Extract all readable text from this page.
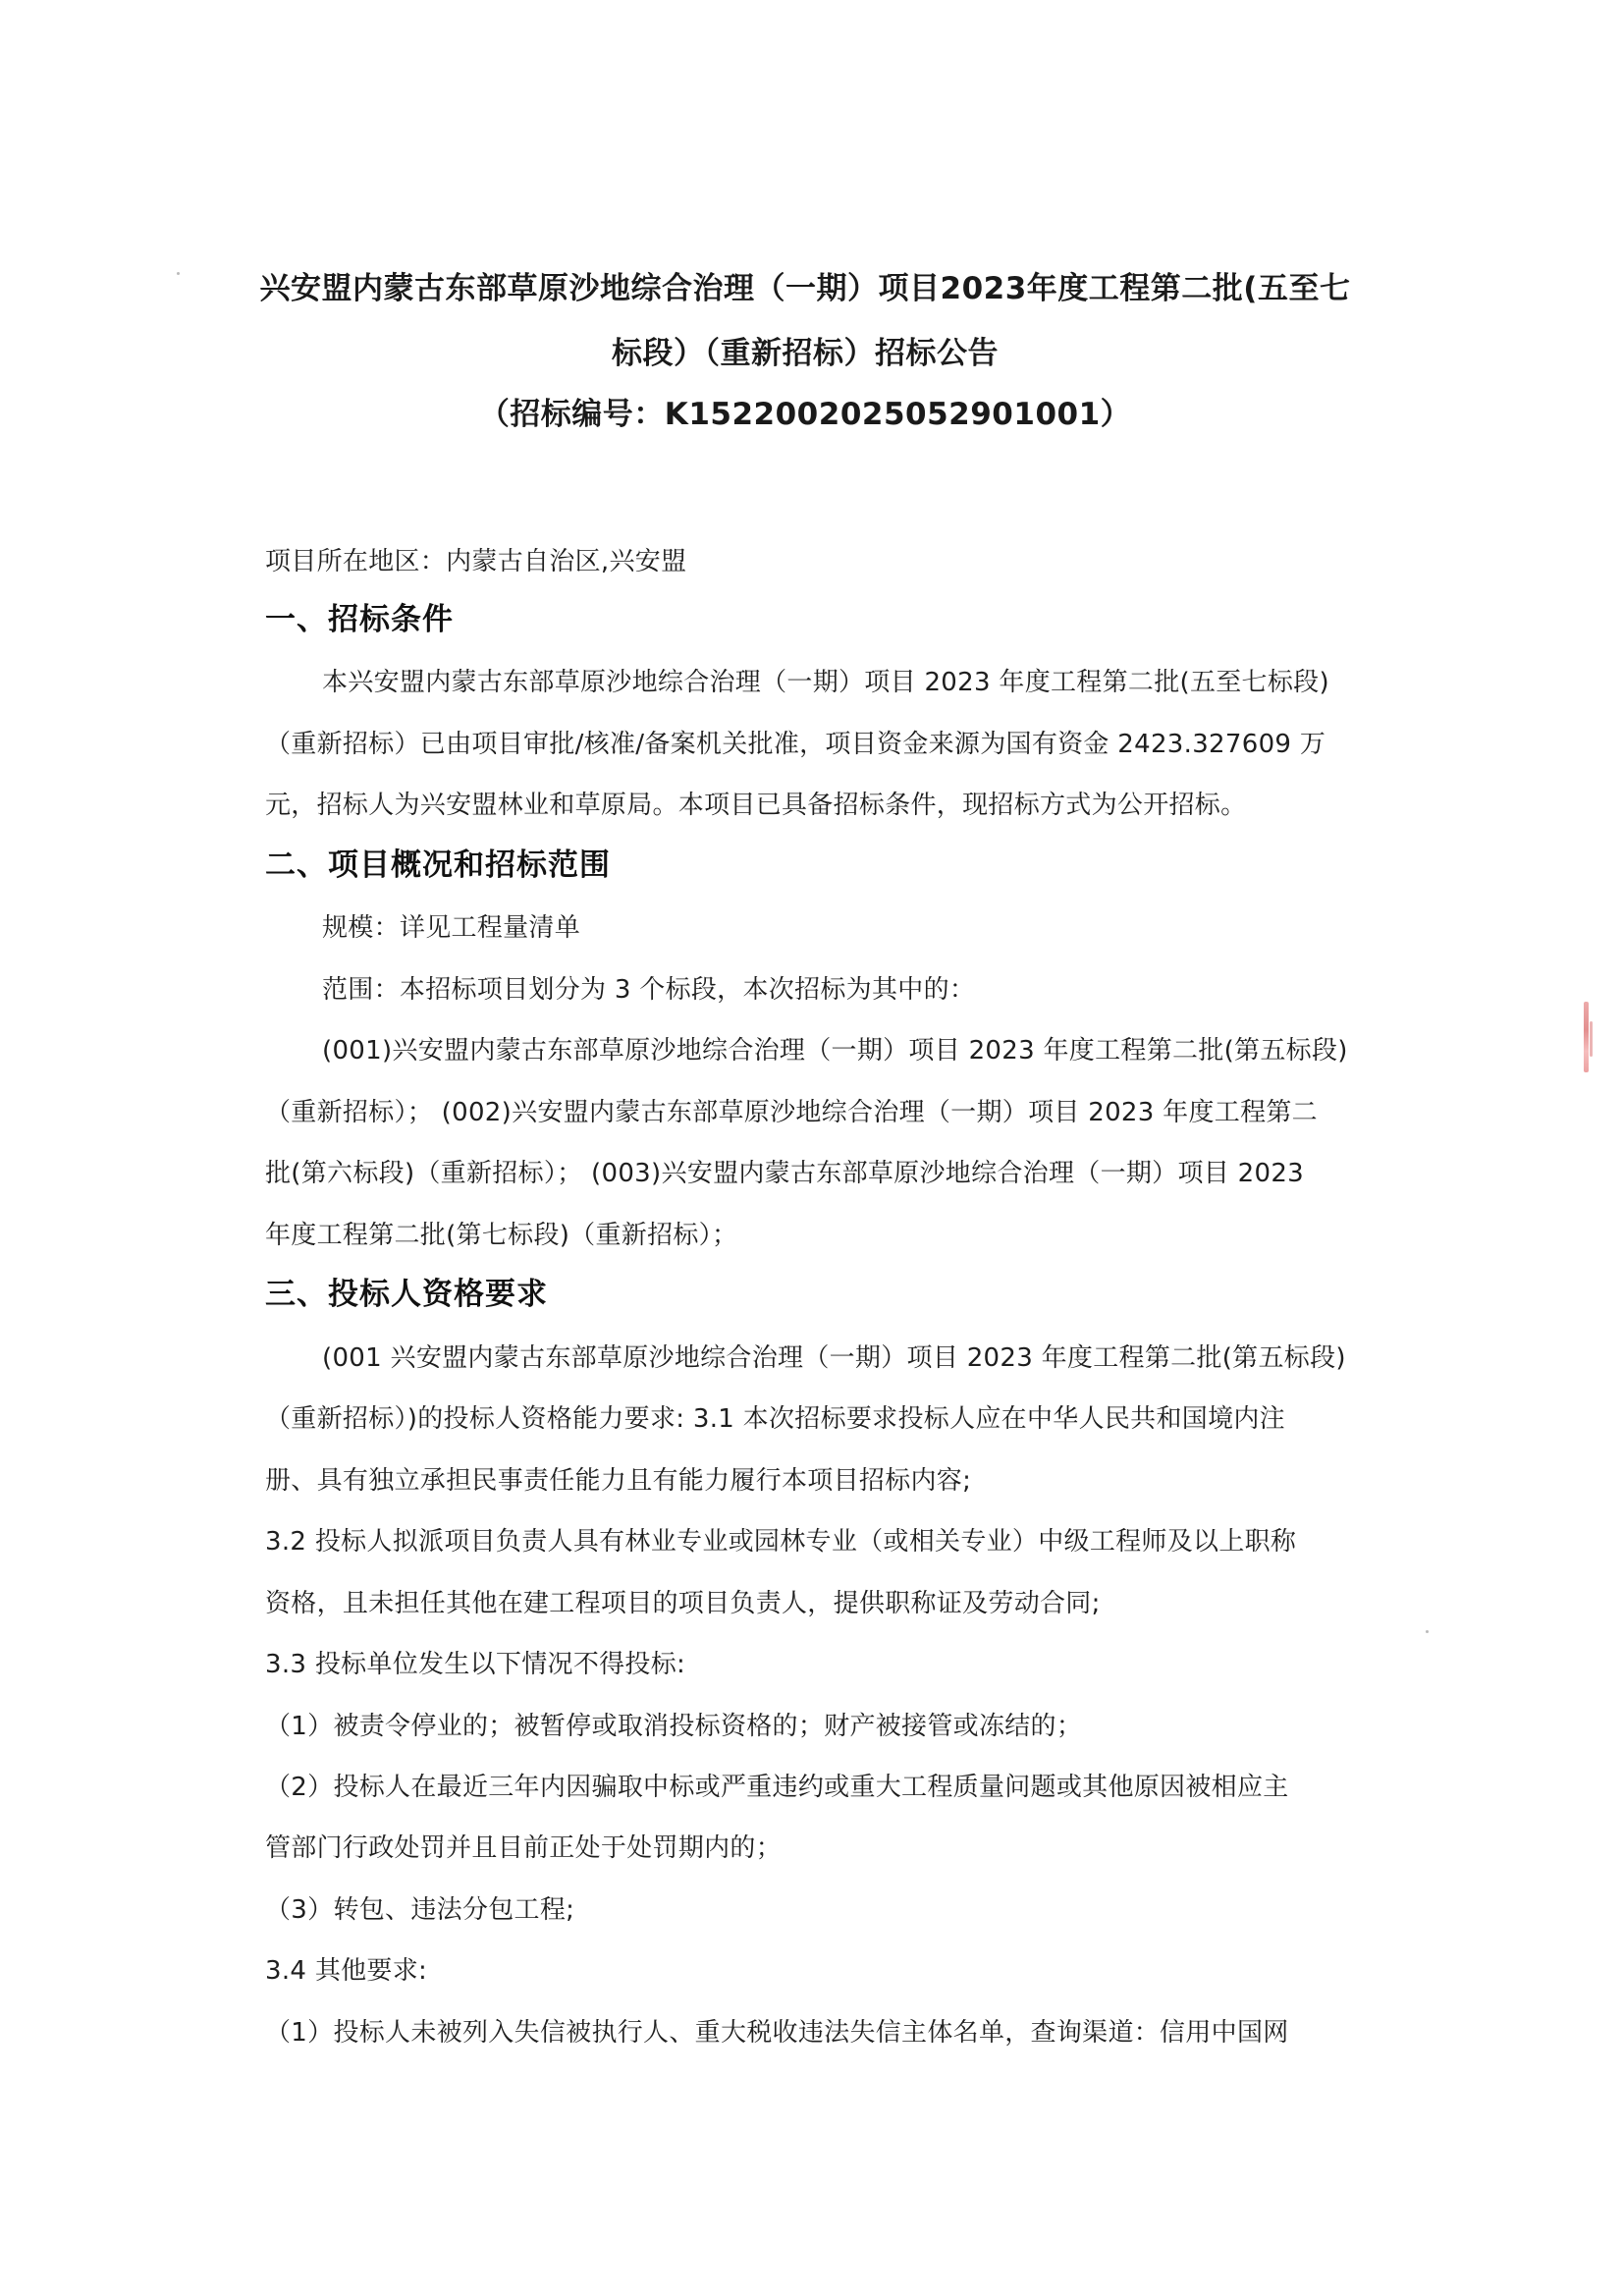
兴安盟内蒙古东部草原沙地综合治理（一期）项目2023年度工程第二批(五至七
标段）（重新招标）招标公告
（招标编号：K1522002025052901001）
项目所在地区：内蒙古自治区,兴安盟
一、招标条件
本兴安盟内蒙古东部草原沙地综合治理（一期）项目 2023 年度工程第二批(五至七标段)
（重新招标）已由项目审批/核准/备案机关批准，项目资金来源为国有资金 2423.327609 万
元，招标人为兴安盟林业和草原局。本项目已具备招标条件，现招标方式为公开招标。
二、项目概况和招标范围
规模：详见工程量清单
范围：本招标项目划分为 3 个标段，本次招标为其中的：
(001)兴安盟内蒙古东部草原沙地综合治理（一期）项目 2023 年度工程第二批(第五标段)
（重新招标）； (002)兴安盟内蒙古东部草原沙地综合治理（一期）项目 2023 年度工程第二
批(第六标段)（重新招标）； (003)兴安盟内蒙古东部草原沙地综合治理（一期）项目 2023
年度工程第二批(第七标段)（重新招标）；
三、投标人资格要求
(001 兴安盟内蒙古东部草原沙地综合治理（一期）项目 2023 年度工程第二批(第五标段)
（重新招标）)的投标人资格能力要求: 3.1 本次招标要求投标人应在中华人民共和国境内注
册、具有独立承担民事责任能力且有能力履行本项目招标内容;
3.2 投标人拟派项目负责人具有林业专业或园林专业（或相关专业）中级工程师及以上职称
资格，且未担任其他在建工程项目的项目负责人，提供职称证及劳动合同;
3.3 投标单位发生以下情况不得投标:
（1）被责令停业的；被暂停或取消投标资格的；财产被接管或冻结的；
（2）投标人在最近三年内因骗取中标或严重违约或重大工程质量问题或其他原因被相应主
管部门行政处罚并且目前正处于处罚期内的；
（3）转包、违法分包工程;
3.4 其他要求:
（1）投标人未被列入失信被执行人、重大税收违法失信主体名单，查询渠道：信用中国网
